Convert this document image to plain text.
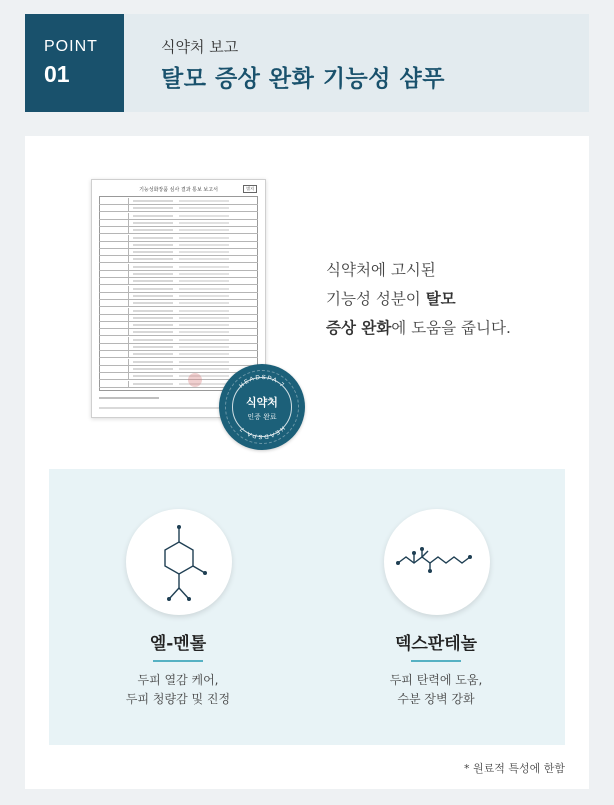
POINT
01
식약처 보고
탈모 증상 완화 기능성 샴푸
기능성화장품 심사 결과 통보 보고서	별지
HEADSPA 7
HEADSPA 7
식약처
인증 완료
식약처에 고시된
기능성 성분이 탈모
증상 완화에 도움을 줍니다.
엘-멘톨
두피 열감 케어,
두피 청량감 및 진정
덱스판테놀
두피 탄력에 도움,
수분 장벽 강화
* 원료적 특성에 한함
